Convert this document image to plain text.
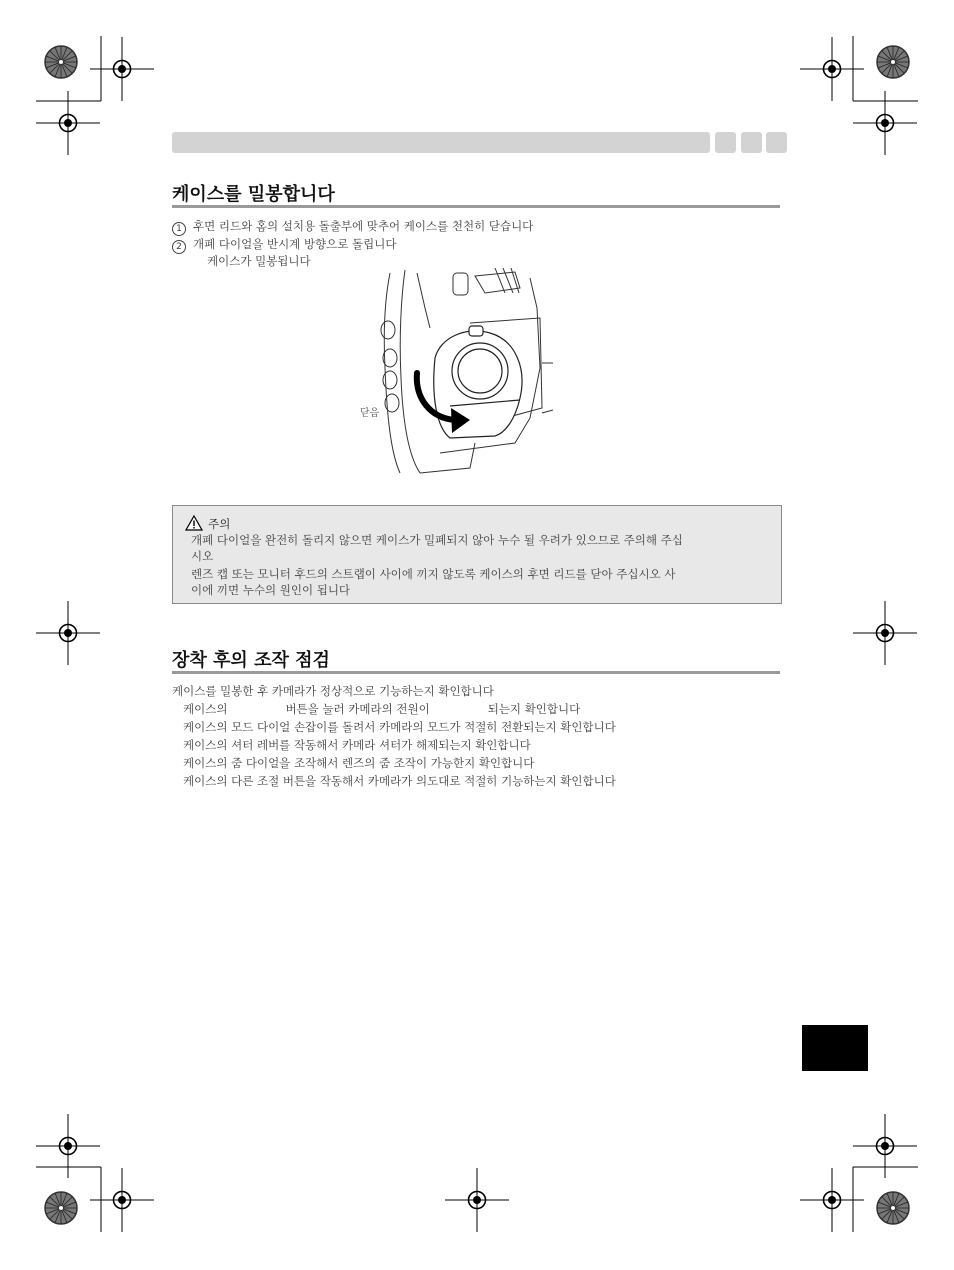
케이스를 밀봉합니다
1 후면 리드와 홈의 설치용 돌출부에 맞추어 케이스를 천천히 닫습니다
2 개폐 다이얼을 반시계 방향으로 돌립니다
케이스가 밀봉됩니다
닫음
주의
개폐 다이얼을 완전히 돌리지 않으면 케이스가 밀폐되지 않아 누수 될 우려가 있으므로 주의해 주십
시오
렌즈 캡 또는 모니터 후드의 스트랩이 사이에 끼지 않도록 케이스의 후면 리드를 닫아 주십시오 사
이에 끼면 누수의 원인이 됩니다
장착 후의 조작 점검
케이스를 밀봉한 후 카메라가 정상적으로 기능하는지 확인합니다
케이스의	버튼을 눌러 카메라의 전원이	되는지 확인합니다
케이스의 모드 다이얼 손잡이를 돌려서 카메라의 모드가 적절히 전환되는지 확인합니다
케이스의 셔터 레버를 작동해서 카메라 셔터가 해제되는지 확인합니다
케이스의 줌 다이얼을 조작해서 렌즈의 줌 조작이 가능한지 확인합니다
케이스의 다른 조절 버튼을 작동해서 카메라가 의도대로 적절히 기능하는지 확인합니다
